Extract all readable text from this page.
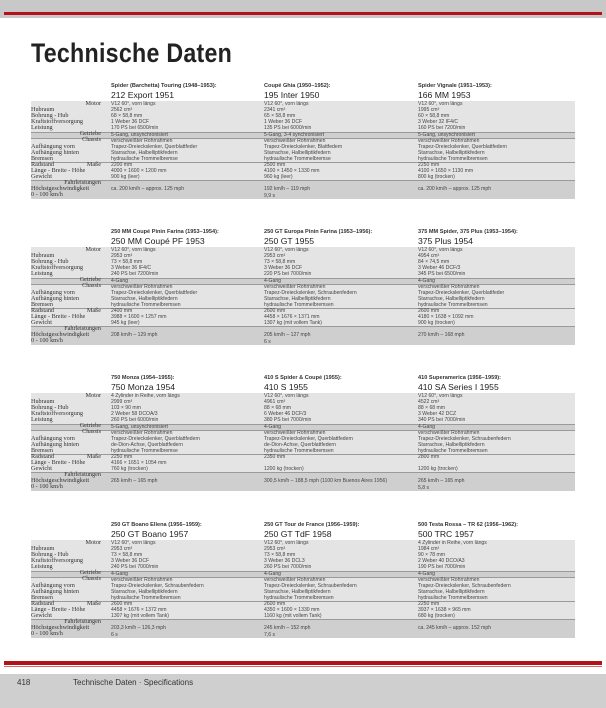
Technische Daten
Motor
Chassis
Maße
Hubraum
Bohrung - Hub
Kraftstoffversorgung
Leistung
Getriebe
Aufhängung vorn
Aufhängung hinten
Bremsen
Radstand
Länge - Breite - Höhe
Gewicht
Fahrleistungen
Höchstgeschwindigkeit
0 - 100 km/h
Spider (Barchetta) Touring (1948–1953):
212 Export 1951
V12 60°, vorn längs
2562 cm³
68 × 58,8 mm
1 Weber 36 DCF
170 PS bei 6500/min
5-Gang, unsynchronisiert
verschweißter Rohrrahmen
Trapez-Dreieckslenker, Querblattfeder
Starrachse, Halbelliptikfedern
hydraulische Trommelbremse
2200 mm
4000 × 1600 × 1200 mm
900 kg (leer)
ca. 200 km/h – approx. 125 mph
Coupé Ghia (1950–1952):
195 Inter 1950
V12 60°, vorn längs
2341 cm³
65 × 58,8 mm
1 Weber 36 DCF
135 PS bei 6000/min
5-Gang, 3-4 synchronisiert
verschweißter Rohrrahmen
Trapez-Dreieckslenker, Blattfedern
Starrachse, Halbelliptikfedern
hydraulische Trommelbremse
2500 mm
4100 × 1450 × 1330 mm
960 kg (leer)
192 km/h – 119 mph
9,9 s
Spider Vignale (1951–1953):
166 MM 1953
V12 60°, vorn längs
1995 cm³
60 × 58,8 mm
3 Weber 32 IF4/C
160 PS bei 7200/min
5-Gang, unsynchronisiert
verschweißter Rohrrahmen
Trapez-Dreieckslenker, Querblattfedern
Starrachse, Halbelliptikfedern
hydraulische Trommelbremsen
2250 mm
4100 × 1650 × 1130 mm
800 kg (trocken)
ca. 200 km/h – approx. 125 mph
Motor
Chassis
Maße
Hubraum
Bohrung - Hub
Kraftstoffversorgung
Leistung
Getriebe
Aufhängung vorn
Aufhängung hinten
Bremsen
Radstand
Länge - Breite - Höhe
Gewicht
Fahrleistungen
Höchstgeschwindigkeit
0 - 100 km/h
250 MM Coupé Pinin Farina (1953–1954):
250 MM Coupé PF 1953
V12 60°, vorn längs
2953 cm³
73 × 58,8 mm
3 Weber 36 IF4/C
240 PS bei 7200/min
4-Gang
verschweißter Rohrrahmen
Trapez-Dreieckslenker, Querblattfeder
Starrachse, Halbelliptikfedern
hydraulische Trommelbremsen
2400 mm
3988 × 1600 × 1257 mm
945 kg (leer)
208 km/h – 129 mph
250 GT Europa Pinin Farina (1953–1956):
250 GT 1955
V12 60°, vorn längs
2953 cm³
73 × 58,8 mm
3 Weber 36 DCF
220 PS bei 7000/min
4-Gang
verschweißter Rohrrahmen
Trapez-Dreieckslenker, Schraubenfedern
Starrachse, Halbelliptikfedern
hydraulische Trommelbremsen
2600 mm
4458 × 1676 × 1371 mm
1307 kg (mit vollem Tank)
205 km/h – 127 mph
6 s
375 MM Spider, 375 Plus (1953–1954):
375 Plus 1954
V12 60°, vorn längs
4954 cm³
84 × 74,5 mm
3 Weber 46 DCF/3
345 PS bei 6500/min
4-Gang
verschweißter Rohrrahmen
Trapez-Dreieckslenker, Querblattfeder
Starrachse, Halbelliptikfedern
hydraulische Trommelbremsen
2600 mm
4180 × 1638 × 1092 mm
900 kg (trocken)
270 km/h – 168 mph
Motor
Chassis
Maße
Hubraum
Bohrung - Hub
Kraftstoffversorgung
Leistung
Getriebe
Aufhängung vorn
Aufhängung hinten
Bremsen
Radstand
Länge - Breite - Höhe
Gewicht
Fahrleistungen
Höchstgeschwindigkeit
0 - 100 km/h
750 Monza (1954–1955):
750 Monza 1954
4 Zylinder in Reihe, vorn längs
2999 cm³
103 × 90 mm
2 Weber 58 DCOA/3
260 PS bei 6000/min
5-Gang, unsynchronisiert
verschweißter Rohrrahmen
Trapez-Dreieckslenker, Querblattfedern
de-Dion-Achse, Querblattfedern
hydraulische Trommelbremse
2250 mm
4166 × 1651 × 1054 mm
760 kg (trocken)
265 km/h – 165 mph
410 S Spider & Coupé (1955):
410 S 1955
V12 60°, vorn längs
4961 cm³
88 × 68 mm
6 Weber 46 DCF/3
380 PS bei 7000/min
4-Gang
verschweißter Rohrrahmen
Trapez-Dreieckslenker, Querblattfedern
de-Dion-Achse, Querblattfedern
hydraulische Trommelbremsen
2350 mm
1200 kg (trocken)
300,5 km/h – 188,5 mph (1100 km Buenos Aires 1956)
410 Superamerica (1956–1959):
410 SA Series I 1955
V12 60°, vorn längs
4522 cm³
88 × 68 mm
3 Weber 42 DCZ
340 PS bei 7000/min
4-Gang
verschweißter Rohrrahmen
Trapez-Dreieckslenker, Schraubenfedern
Starrachse, Halbelliptikfedern
hydraulische Trommelbremsen
2800 mm
1200 kg (trocken)
265 km/h – 165 mph
5,8 s
Motor
Chassis
Maße
Hubraum
Bohrung - Hub
Kraftstoffversorgung
Leistung
Getriebe
Aufhängung vorn
Aufhängung hinten
Bremsen
Radstand
Länge - Breite - Höhe
Gewicht
Fahrleistungen
Höchstgeschwindigkeit
0 - 100 km/h
250 GT Boano Ellena (1956–1959):
250 GT Boano 1957
V12 60°, vorn längs
2953 cm³
73 × 58,8 mm
3 Weber 36 DCF
240 PS bei 7000/min
4-Gang
verschweißter Rohrrahmen
Trapez-Dreieckslenker, Schraubenfedern
Starrachse, Halbelliptikfedern
hydraulische Trommelbremsen
2600 mm
4458 × 1676 × 1372 mm
1307 kg (mit vollem Tank)
203,3 km/h – 126,3 mph
6 s
250 GT Tour de France (1956–1959):
250 GT TdF 1958
V12 60°, vorn längs
2953 cm³
73 × 58,8 mm
3 Weber 36 DCL3
260 PS bei 7000/min
4-Gang
verschweißter Rohrrahmen
Trapez-Dreieckslenker, Schraubenfedern
Starrachse, Halbelliptikfedern
hydraulische Trommelbremsen
2600 mm
4350 × 1600 × 1330 mm
1160 kg (mit vollem Tank)
245 km/h – 152 mph
7,6 s
500 Testa Rossa – TR 62 (1956–1962):
500 TRC 1957
4 Zylinder in Reihe, vorn längs
1984 cm³
90 × 78 mm
2 Weber 40 DCO/A3
190 PS bei 7000/min
4-Gang
verschweißter Rohrrahmen
Trapez-Dreieckslenker, Schraubenfedern
Starrachse, Halbelliptikfedern
hydraulische Trommelbremsen
2250 mm
3937 × 1638 × 965 mm
680 kg (trocken)
ca. 245 km/h – approx. 152 mph
418	Technische Daten · Specifications
